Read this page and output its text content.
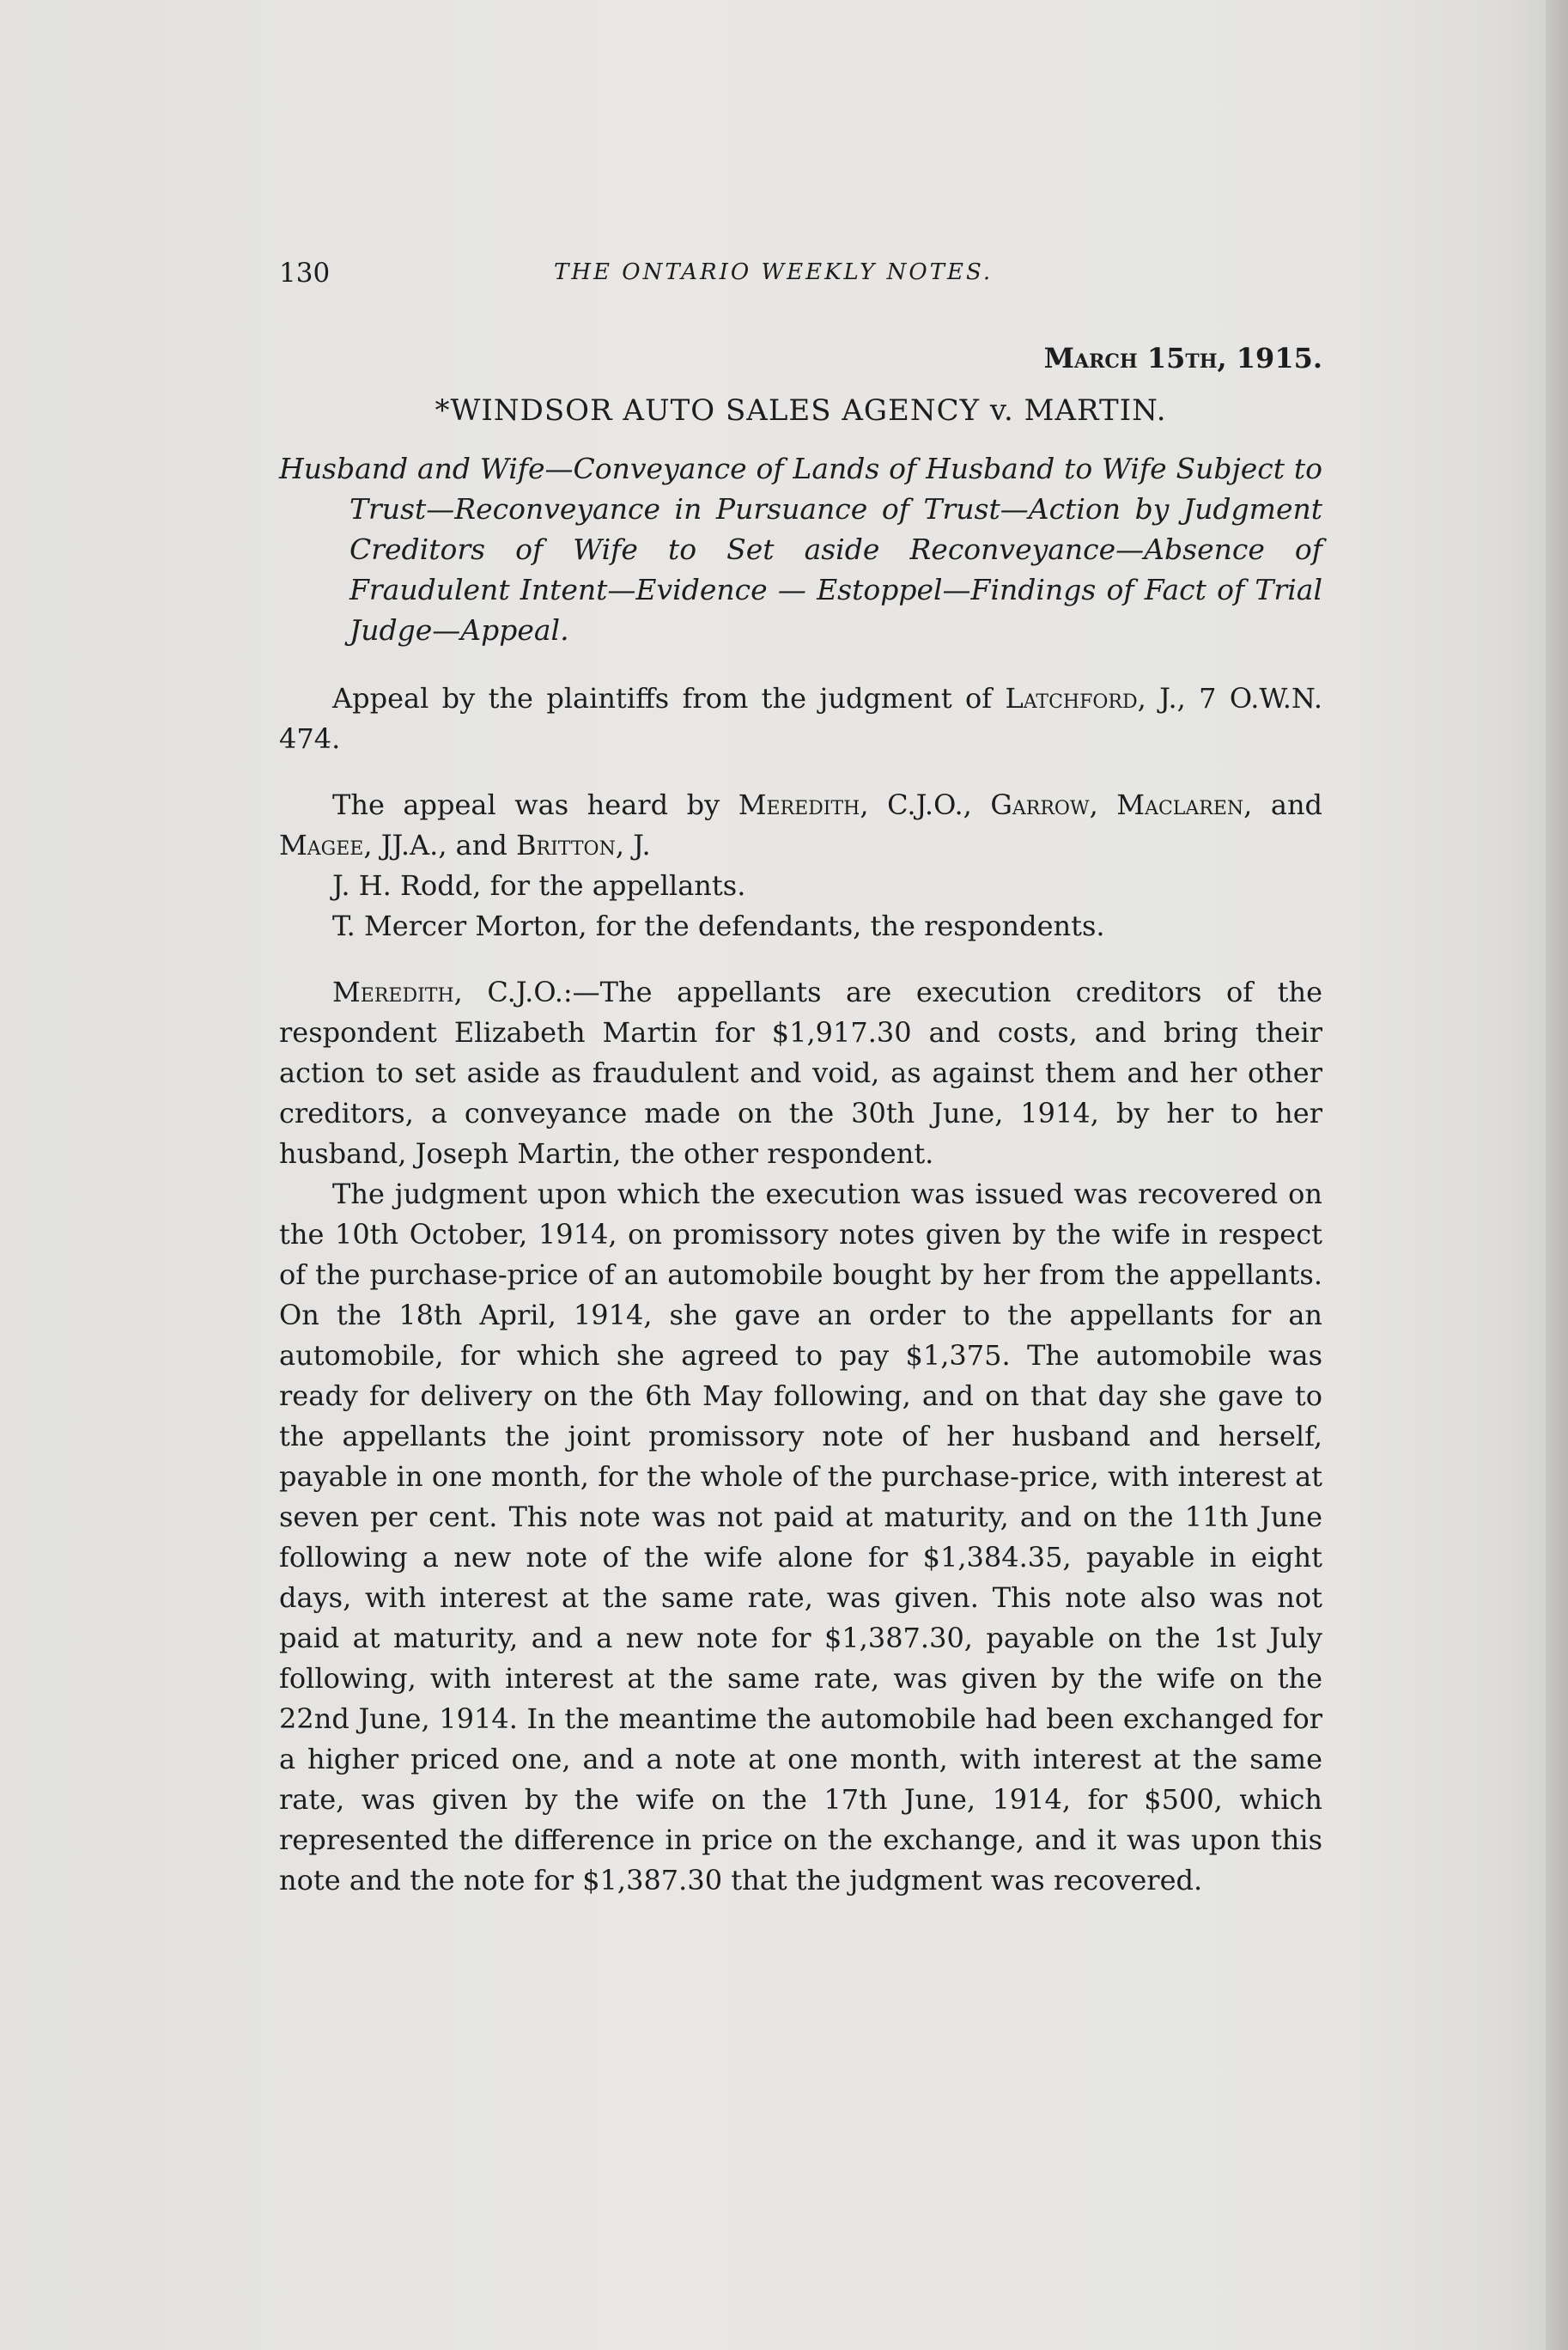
130	THE ONTARIO WEEKLY NOTES.
March 15th, 1915.
*WINDSOR AUTO SALES AGENCY v. MARTIN.

Husband and Wife—Conveyance of Lands of Husband to Wife Subject to Trust—Reconveyance in Pursuance of Trust—Action by Judgment Creditors of Wife to Set aside Reconveyance—Absence of Fraudulent Intent—Evidence — Estoppel—Findings of Fact of Trial Judge—Appeal.

Appeal by the plaintiffs from the judgment of Latchford, J., 7 O.W.N. 474.

The appeal was heard by Meredith, C.J.O., Garrow, Maclaren, and Magee, JJ.A., and Britton, J.

J. H. Rodd, for the appellants.

T. Mercer Morton, for the defendants, the respondents.

Meredith, C.J.O.:—The appellants are execution creditors of the respondent Elizabeth Martin for $1,917.30 and costs, and bring their action to set aside as fraudulent and void, as against them and her other creditors, a conveyance made on the 30th June, 1914, by her to her husband, Joseph Martin, the other respondent.

The judgment upon which the execution was issued was recovered on the 10th October, 1914, on promissory notes given by the wife in respect of the purchase-price of an automobile bought by her from the appellants. On the 18th April, 1914, she gave an order to the appellants for an automobile, for which she agreed to pay $1,375. The automobile was ready for delivery on the 6th May following, and on that day she gave to the appellants the joint promissory note of her husband and herself, payable in one month, for the whole of the purchase-price, with interest at seven per cent. This note was not paid at maturity, and on the 11th June following a new note of the wife alone for $1,384.35, payable in eight days, with interest at the same rate, was given. This note also was not paid at maturity, and a new note for $1,387.30, payable on the 1st July following, with interest at the same rate, was given by the wife on the 22nd June, 1914. In the meantime the automobile had been exchanged for a higher priced one, and a note at one month, with interest at the same rate, was given by the wife on the 17th June, 1914, for $500, which represented the difference in price on the exchange, and it was upon this note and the note for $1,387.30 that the judgment was recovered.
